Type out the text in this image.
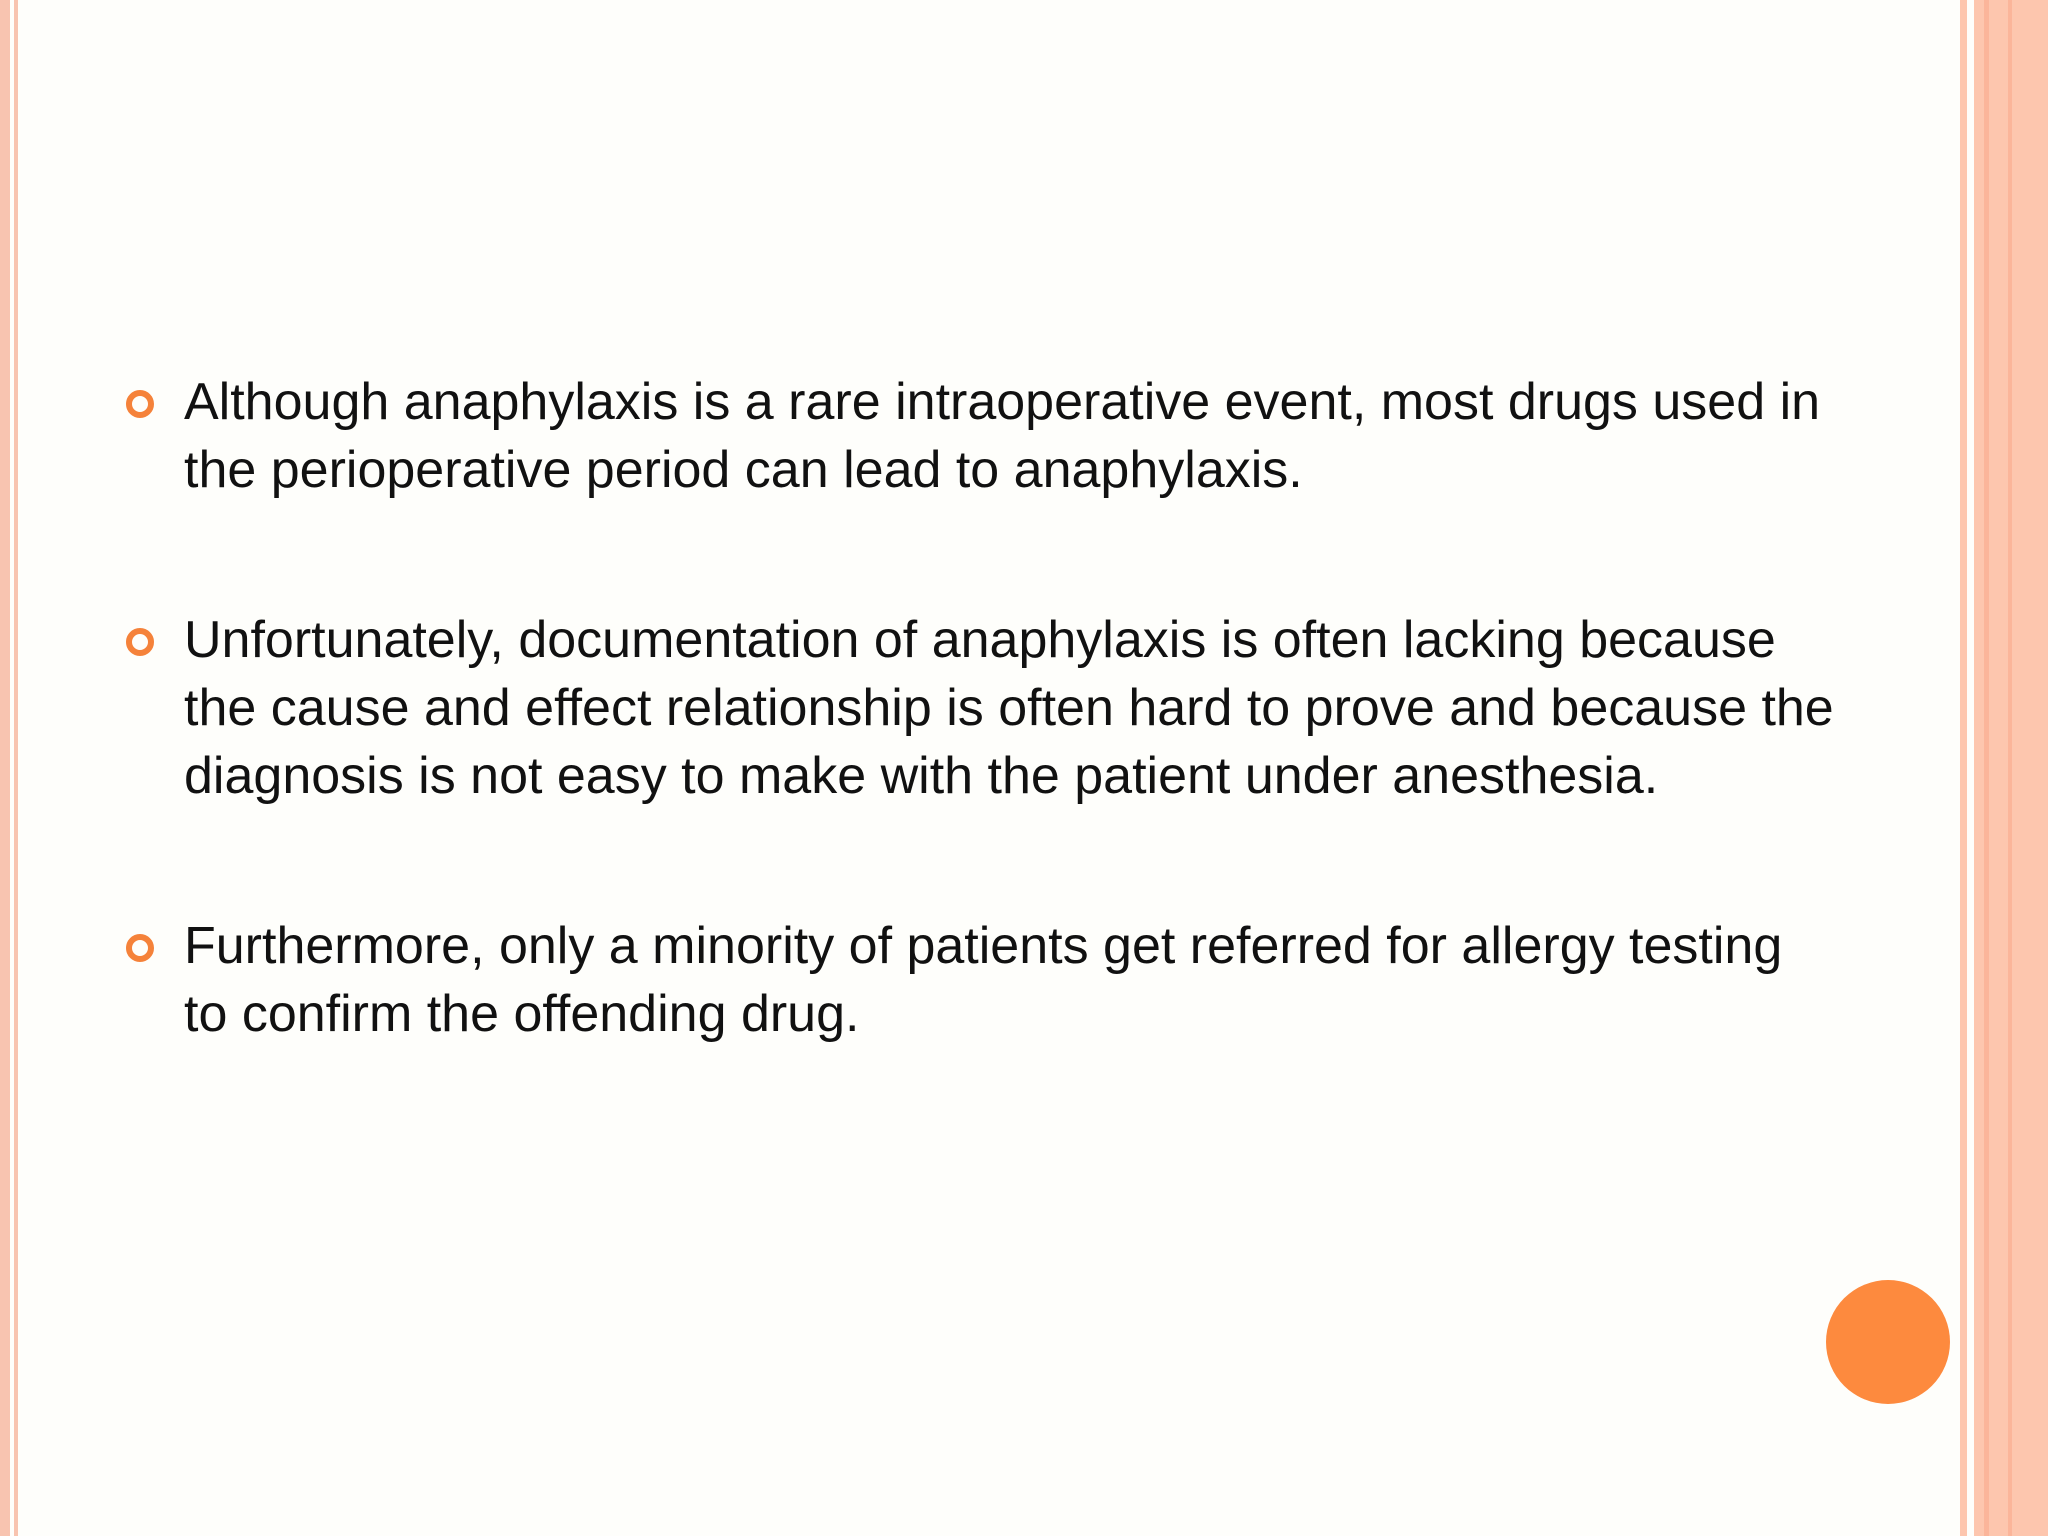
Although anaphylaxis is a rare intraoperative event, most drugs used in the perioperative period can lead to anaphylaxis.
Unfortunately, documentation of anaphylaxis is often lacking because the cause and effect relationship is often hard to prove and because the diagnosis is not easy to make with the patient under anesthesia.
Furthermore, only a minority of patients get referred for allergy testing to confirm the offending drug.
